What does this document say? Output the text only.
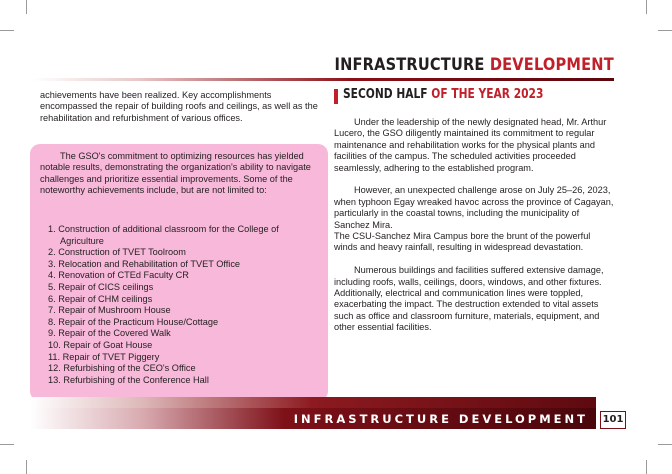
INFRASTRUCTURE DEVELOPMENT
achievements have been realized. Key accomplishments encompassed the repair of building roofs and ceilings, as well as the rehabilitation and refurbishment of various offices.
The GSO's commitment to optimizing resources has yielded notable results, demonstrating the organization's ability to navigate challenges and prioritize essential improvements. Some of the noteworthy achievements include, but are not limited to:
1. Construction of additional classroom for the College of Agriculture
2. Construction of TVET Toolroom
3. Relocation and Rehabilitation of TVET Office
4. Renovation of CTEd Faculty CR
5. Repair of CICS ceilings
6. Repair of CHM ceilings
7. Repair of Mushroom House
8. Repair of the Practicum House/Cottage
9. Repair of the Covered Walk
10. Repair of Goat House
11. Repair of TVET Piggery
12. Refurbishing of the CEO's Office
13. Refurbishing of the Conference Hall
SECOND HALF OF THE YEAR 2023

Under the leadership of the newly designated head, Mr. Arthur Lucero, the GSO diligently maintained its commitment to regular maintenance and rehabilitation works for the physical plants and facilities of the campus. The scheduled activities proceeded seamlessly, adhering to the established program.

However, an unexpected challenge arose on July 25–26, 2023, when typhoon Egay wreaked havoc across the province of Cagayan, particularly in the coastal towns, including the municipality of Sanchez Mira.

The CSU-Sanchez Mira Campus bore the brunt of the powerful winds and heavy rainfall, resulting in widespread devastation.

Numerous buildings and facilities suffered extensive damage, including roofs, walls, ceilings, doors, windows, and other fixtures. Additionally, electrical and communication lines were toppled, exacerbating the impact. The destruction extended to vital assets such as office and classroom furniture, materials, equipment, and other essential facilities.

INFRASTRUCTURE DEVELOPMENT 101
